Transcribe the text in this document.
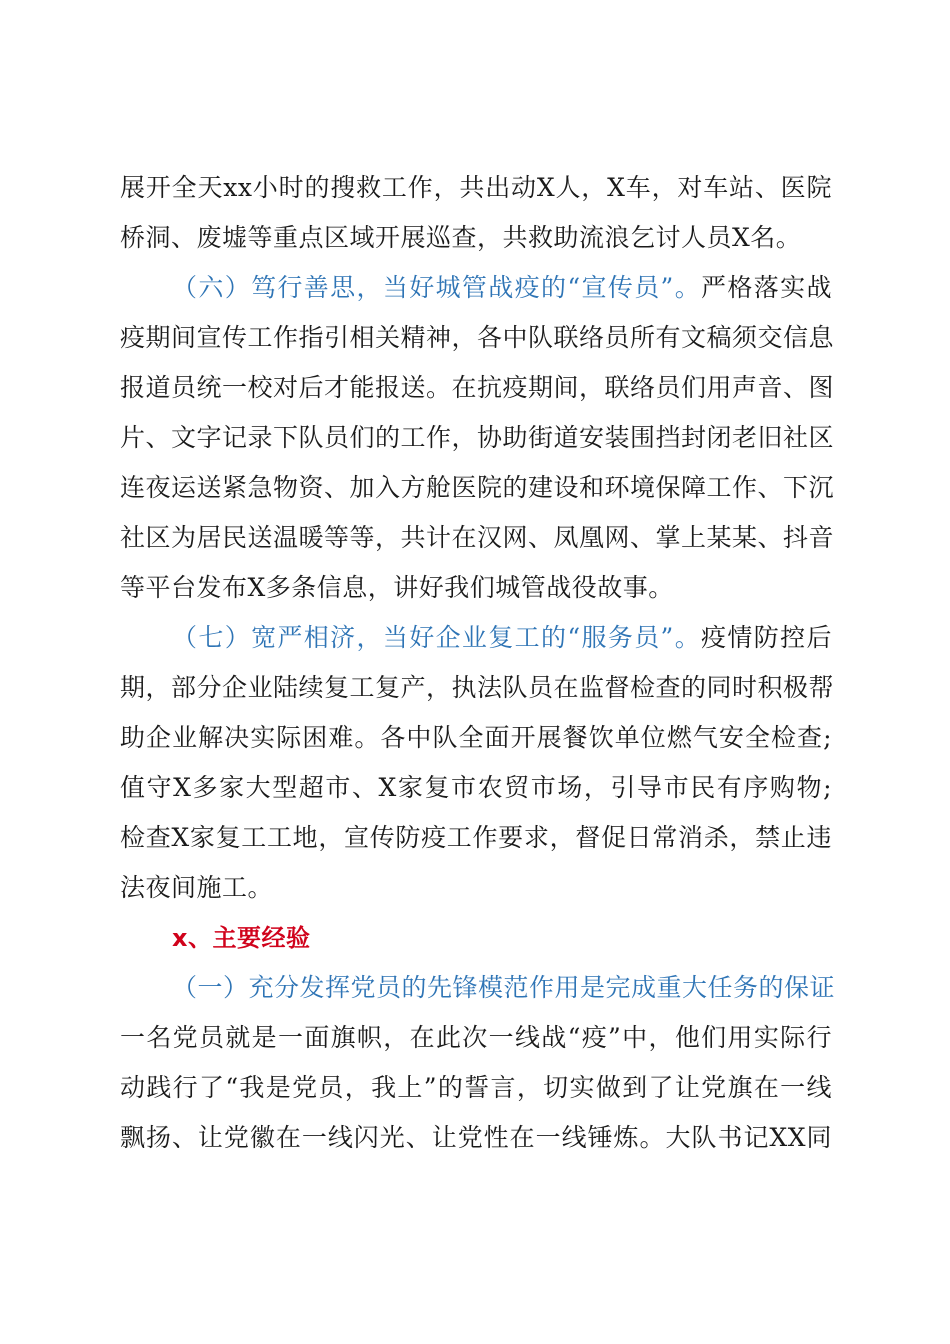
展开全天xx小时的搜救工作，共出动X人，X车，对车站、医院
桥洞、废墟等重点区域开展巡查，共救助流浪乞讨人员X名。
（六）笃行善思，当好城管战疫的“宣传员”。严格落实战
疫期间宣传工作指引相关精神，各中队联络员所有文稿须交信息
报道员统一校对后才能报送。在抗疫期间，联络员们用声音、图
片、文字记录下队员们的工作，协助街道安装围挡封闭老旧社区
连夜运送紧急物资、加入方舱医院的建设和环境保障工作、下沉
社区为居民送温暖等等，共计在汉网、凤凰网、掌上某某、抖音
等平台发布X多条信息，讲好我们城管战役故事。
（七）宽严相济，当好企业复工的“服务员”。疫情防控后
期，部分企业陆续复工复产，执法队员在监督检查的同时积极帮
助企业解决实际困难。各中队全面开展餐饮单位燃气安全检查;
值守X多家大型超市、X家复市农贸市场，引导市民有序购物;
检查X家复工工地，宣传防疫工作要求，督促日常消杀，禁止违
法夜间施工。
x、主要经验
（一）充分发挥党员的先锋模范作用是完成重大任务的保证
一名党员就是一面旗帜，在此次一线战“疫”中，他们用实际行
动践行了“我是党员，我上”的誓言，切实做到了让党旗在一线
飘扬、让党徽在一线闪光、让党性在一线锤炼。大队书记XX同
